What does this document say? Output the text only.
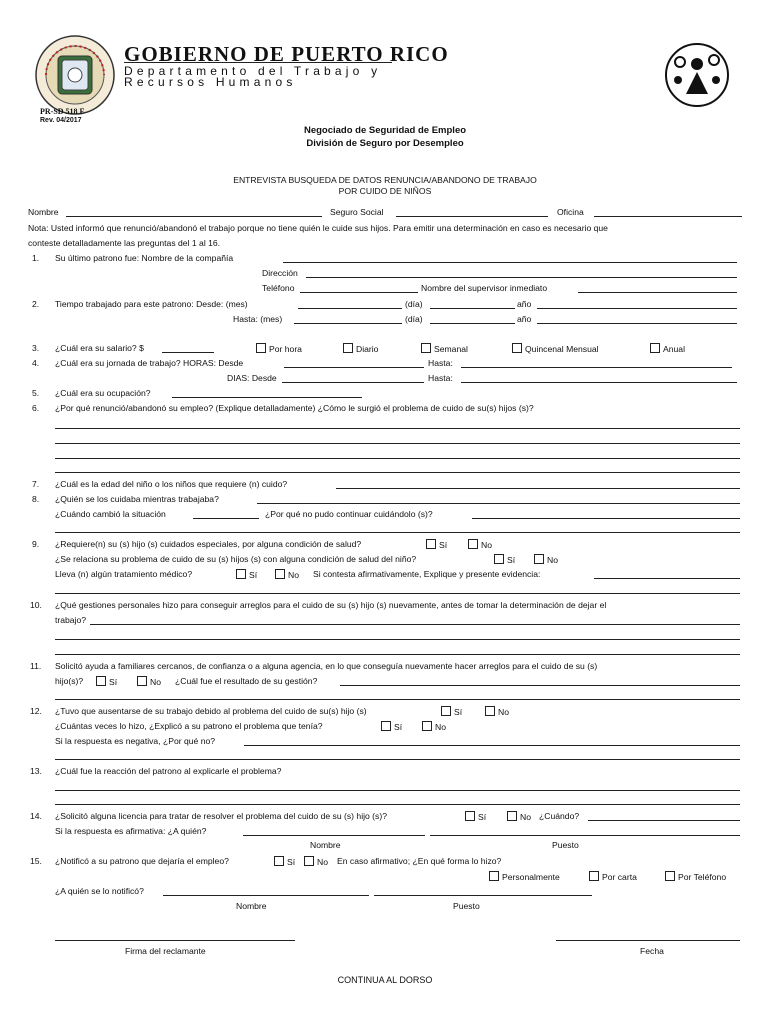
GOBIERNO DE PUERTO RICO
Departamento del Trabajo y
Recursos Humanos
PR-SD 518 F
Rev. 04/2017
Negociado de Seguridad de Empleo
División de Seguro por Desempleo
ENTREVISTA BUSQUEDA DE DATOS RENUNCIA/ABANDONO DE TRABAJO
POR CUIDO DE NIÑOS
Nombre	Seguro Social	Oficina
Nota: Usted informó que renunció/abandonó el trabajo porque no tiene quién le cuide sus hijos. Para emitir una determinación en caso es necesario que
conteste detalladamente las preguntas del 1 al 16.
1. Su último patrono fue: Nombre de la compañía
Dirección
Teléfono	Nombre del supervisor inmediato
2. Tiempo trabajado para este patrono: Desde: (mes)	(día)	año
Hasta: (mes)	(día)	año
3. ¿Cuál era su salario? $	Por hora	Diario	Semanal	Quincenal Mensual	Anual
4. ¿Cuál era su jornada de trabajo? HORAS: Desde	Hasta:
DIAS: Desde	Hasta:
5. ¿Cuál era su ocupación?
6. ¿Por qué renunció/abandonó su empleo? (Explique detalladamente) ¿Cómo le surgió el problema de cuido de su(s) hijos (s)?
7. ¿Cuál es la edad del niño o los niños que requiere (n) cuido?
8. ¿Quién se los cuidaba mientras trabajaba?
¿Cuándo cambió la situación	¿Por qué no pudo continuar cuidándolo (s)?
9. ¿Requiere(n) su (s) hijo (s) cuidados especiales, por alguna condición de salud?	Sí	No
¿Se relaciona su problema de cuido de su (s) hijos (s) con alguna condición de salud del niño?	Sí	No
Lleva (n) algún tratamiento médico?	Sí	No Si contesta afirmativamente, Explique y presente evidencia:
10. ¿Qué gestiones personales hizo para conseguir arreglos para el cuido de su (s) hijo (s) nuevamente, antes de tomar la determinación de dejar el
trabajo?
11. Solicitó ayuda a familiares cercanos, de confianza o a alguna agencia, en lo que conseguía nuevamente hacer arreglos para el cuido de su (s)
hijo(s)?	Sí	No ¿Cuál fue el resultado de su gestión?
12. ¿Tuvo que ausentarse de su trabajo debido al problema del cuido de su(s) hijo (s)	Sí	No
¿Cuántas veces lo hizo, ¿Explicó a su patrono el problema que tenía?	Sí	No
Si la respuesta es negativa, ¿Por qué no?
13. ¿Cuál fue la reacción del patrono al explicarle el problema?
14. ¿Solicitó alguna licencia para tratar de resolver el problema del cuido de su (s) hijo (s)?	Sí	No ¿Cuándo?
Si la respuesta es afirmativa: ¿A quién?
Nombre	Puesto
15. ¿Notificó a su patrono que dejaría el empleo?	Sí	No En caso afirmativo; ¿En qué forma lo hizo?
Personalmente	Por carta	Por Teléfono
¿A quién se lo notificó?
Nombre	Puesto
Firma del reclamante	Fecha
CONTINUA AL DORSO
